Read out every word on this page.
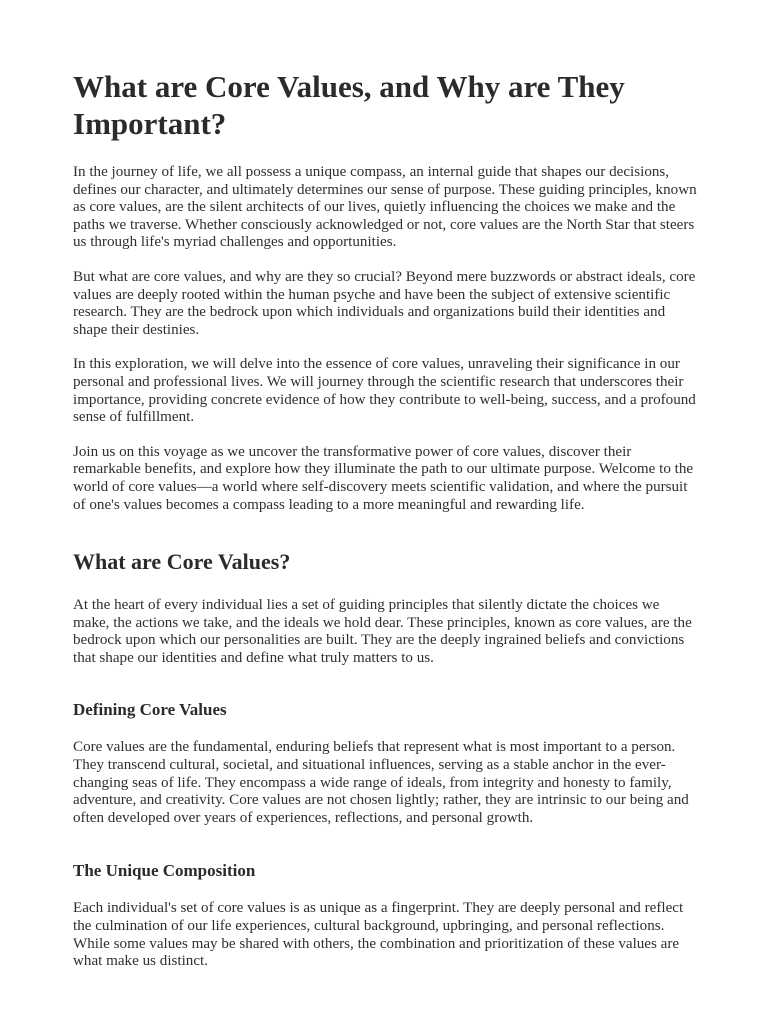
What are Core Values, and Why are They Important?

In the journey of life, we all possess a unique compass, an internal guide that shapes our decisions, defines our character, and ultimately determines our sense of purpose. These guiding principles, known as core values, are the silent architects of our lives, quietly influencing the choices we make and the paths we traverse. Whether consciously acknowledged or not, core values are the North Star that steers us through life's myriad challenges and opportunities.

But what are core values, and why are they so crucial? Beyond mere buzzwords or abstract ideals, core values are deeply rooted within the human psyche and have been the subject of extensive scientific research. They are the bedrock upon which individuals and organizations build their identities and shape their destinies.

In this exploration, we will delve into the essence of core values, unraveling their significance in our personal and professional lives. We will journey through the scientific research that underscores their importance, providing concrete evidence of how they contribute to well-being, success, and a profound sense of fulfillment.

Join us on this voyage as we uncover the transformative power of core values, discover their remarkable benefits, and explore how they illuminate the path to our ultimate purpose. Welcome to the world of core values—a world where self-discovery meets scientific validation, and where the pursuit of one's values becomes a compass leading to a more meaningful and rewarding life.

What are Core Values?

At the heart of every individual lies a set of guiding principles that silently dictate the choices we make, the actions we take, and the ideals we hold dear. These principles, known as core values, are the bedrock upon which our personalities are built. They are the deeply ingrained beliefs and convictions that shape our identities and define what truly matters to us.

Defining Core Values

Core values are the fundamental, enduring beliefs that represent what is most important to a person. They transcend cultural, societal, and situational influences, serving as a stable anchor in the ever-changing seas of life. They encompass a wide range of ideals, from integrity and honesty to family, adventure, and creativity. Core values are not chosen lightly; rather, they are intrinsic to our being and often developed over years of experiences, reflections, and personal growth.

The Unique Composition

Each individual's set of core values is as unique as a fingerprint. They are deeply personal and reflect the culmination of our life experiences, cultural background, upbringing, and personal reflections. While some values may be shared with others, the combination and prioritization of these values are what make us distinct.
